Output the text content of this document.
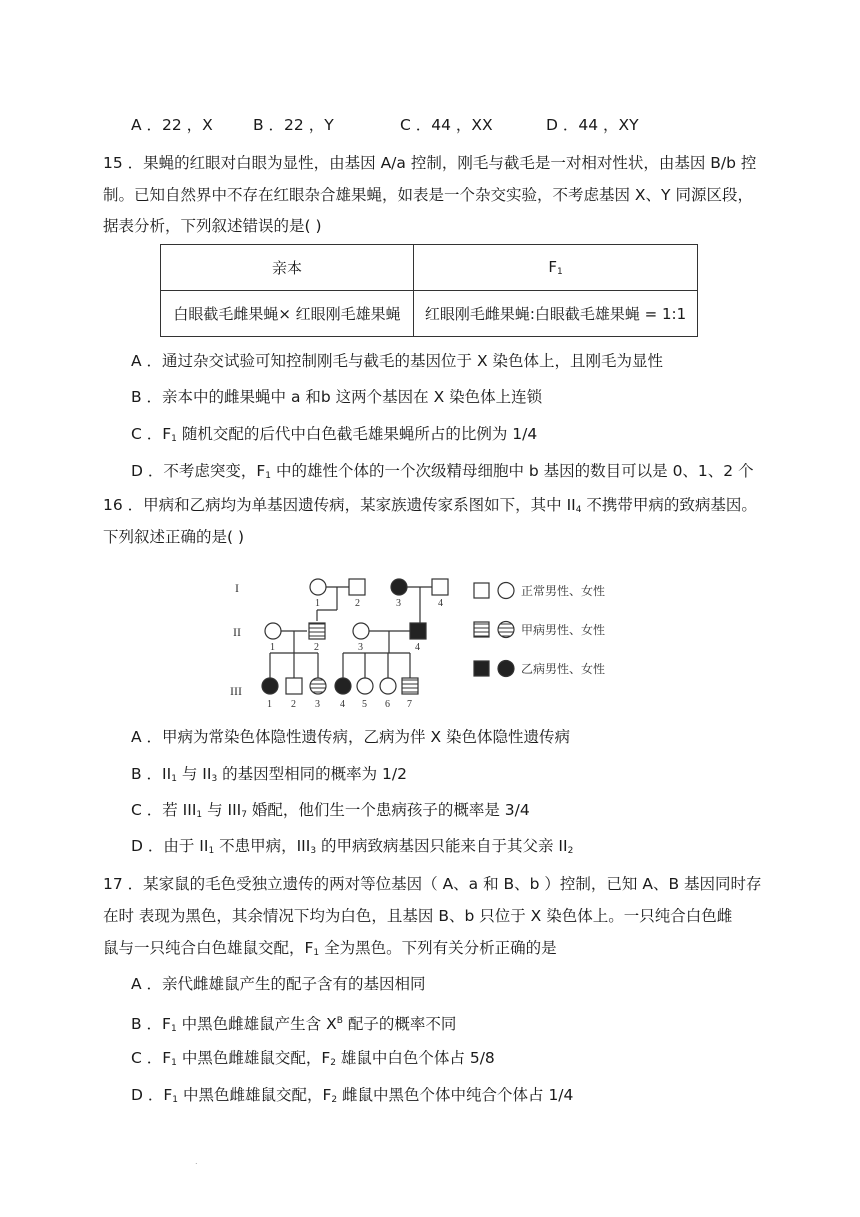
A ．22 ，X	B ．22 ，Y	C ．44 ，XX	D ．44 ，XY
15 ．果蝇的红眼对白眼为显性，由基因 A/a 控制，刚毛与截毛是一对相对性状，由基因 B/b 控
制。已知自然界中不存在红眼杂合雄果蝇，如表是一个杂交实验，不考虑基因 X、Y 同源区段，
据表分析，下列叙述错误的是( )
亲本	$F_1$
白眼截毛雌果蝇× 红眼刚毛雄果蝇	红眼刚毛雌果蝇:白眼截毛雄果蝇 = 1:1
A ．通过杂交试验可知控制刚毛与截毛的基因位于 X 染色体上，且刚毛为显性
B ．亲本中的雌果蝇中 a 和b 这两个基因在 X 染色体上连锁
C ．$F_1$ 随机交配的后代中白色截毛雄果蝇所占的比例为 1/4
D ．不考虑突变，$F_1$ 中的雄性个体的一个次级精母细胞中 b 基因的数目可以是 0、1、2 个
16 ．甲病和乙病均为单基因遗传病，某家族遗传家系图如下，其中 $II_4$ 不携带甲病的致病基因。
下列叙述正确的是( )
I
II
III
1	2	3	4
1	2	3	4
1 2 3 4 5 6 7
正常男性、女性
甲病男性、女性
乙病男性、女性
A ．甲病为常染色体隐性遗传病，乙病为伴 X 染色体隐性遗传病
B ．$II_1$ 与 $II_3$ 的基因型相同的概率为 1/2
C ．若 $III_1$ 与 $III_7$ 婚配，他们生一个患病孩子的概率是 3/4
D ．由于 $II_1$ 不患甲病，$III_3$ 的甲病致病基因只能来自于其父亲 $II_2$
17 ．某家鼠的毛色受独立遗传的两对等位基因（ A、a 和 B、b ）控制，已知 A、B 基因同时存
在时 表现为黑色，其余情况下均为白色，且基因 B、b 只位于 X 染色体上。一只纯合白色雌
鼠与一只纯合白色雄鼠交配，$F_1$ 全为黑色。下列有关分析正确的是
A ．亲代雌雄鼠产生的配子含有的基因相同
B ．$F_1$ 中黑色雌雄鼠产生含 $X^B$ 配子的概率不同
C ．$F_1$ 中黑色雌雄鼠交配，$F_2$ 雄鼠中白色个体占 5/8
D ．$F_1$ 中黑色雌雄鼠交配，$F_2$ 雌鼠中黑色个体中纯合个体占 1/4
.
